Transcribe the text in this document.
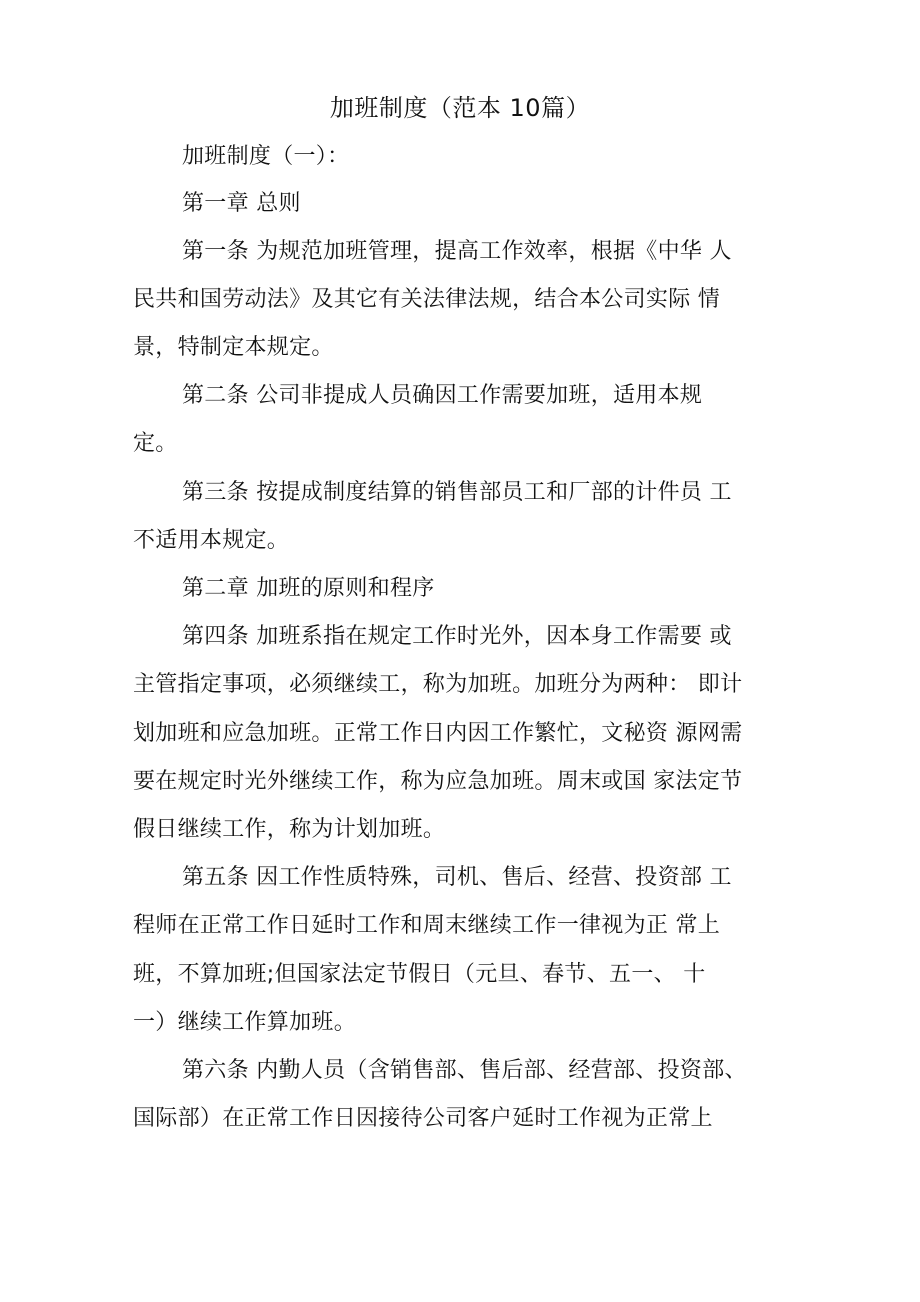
加班制度（范本 10篇）
加班制度（一）：
第一章 总则
第一条 为规范加班管理，提高工作效率，根据《中华 人
民共和国劳动法》及其它有关法律法规，结合本公司实际 情
景，特制定本规定。
第二条 公司非提成人员确因工作需要加班，适用本规
定。
第三条 按提成制度结算的销售部员工和厂部的计件员 工
不适用本规定。
第二章 加班的原则和程序
第四条 加班系指在规定工作时光外，因本身工作需要 或
主管指定事项，必须继续工，称为加班。加班分为两种： 即计
划加班和应急加班。正常工作日内因工作繁忙，文秘资 源网需
要在规定时光外继续工作，称为应急加班。周末或国 家法定节
假日继续工作，称为计划加班。
第五条 因工作性质特殊，司机、售后、经营、投资部 工
程师在正常工作日延时工作和周末继续工作一律视为正 常上
班，不算加班;但国家法定节假日（元旦、春节、五一、 十
一）继续工作算加班。
第六条 内勤人员（含销售部、售后部、经营部、投资部、
国际部）在正常工作日因接待公司客户延时工作视为正常上
